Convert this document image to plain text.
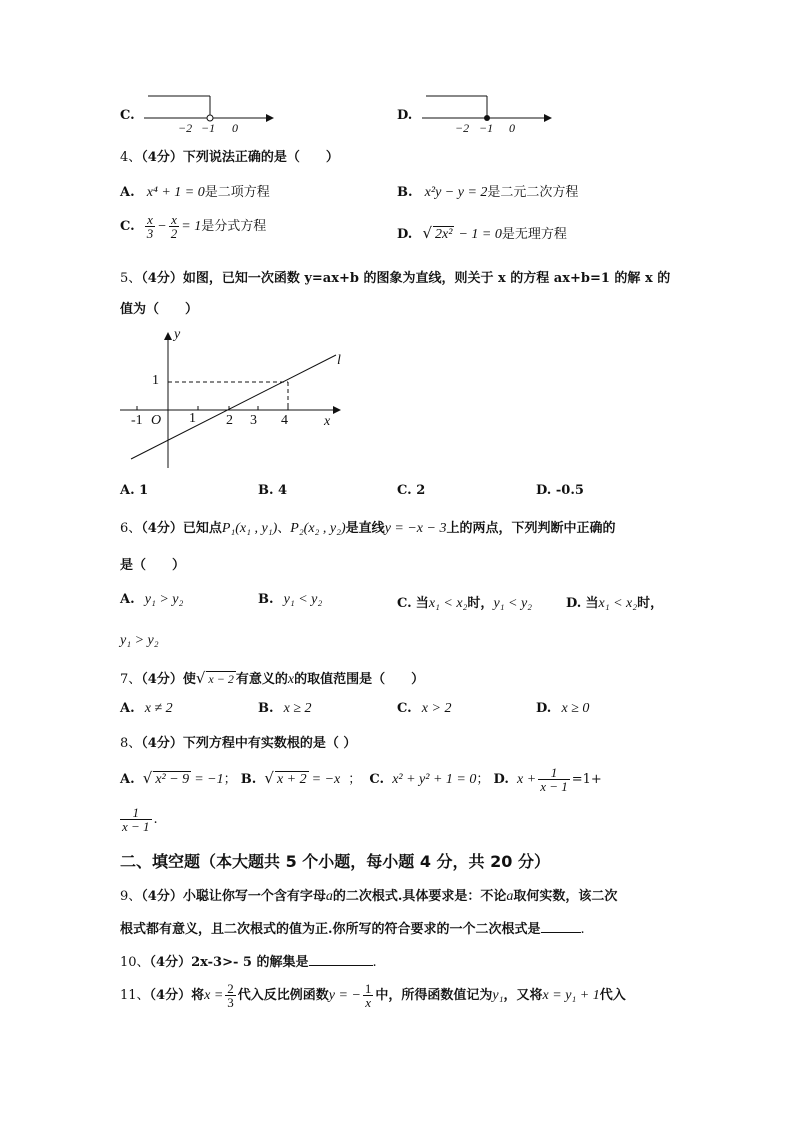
C.
−2 −1 0
D.
−2 −1 0
4、（4分）下列说法正确的是（　　）
A. x⁴ + 1 = 0是二项方程	B. x²y − y = 2是二元二次方程
C. $\frac{x}{3} - \frac{x}{2} = 1$是分式方程
D. √ 2x² − 1 = 0是无理方程
5、（4分）如图，已知一次函数 y=ax+b 的图象为直线，则关于 x 的方程 ax+b=1 的解 x 的
值为（　　）
y
l
x
1
-1 O 1 2 3 4
A. 1	B. 4	C. 2	D. -0.5
6、（4分）已知点P₁(x₁ , y₁)、P₂(x₂ , y₂)是直线y = −x − 3上的两点，下列判断中正确的
是（　　）
A. y₁ > y₂	B. y₁ < y₂	C. 当x₁ < x₂时，y₁ < y₂	D. 当x₁ < x₂时，
y₁ > y₂
7、（4分）使√ x − 2 有意义的x的取值范围是（　　）
A. x ≠ 2	B. x ≥ 2	C. x > 2	D. x ≥ 0
8、（4分）下列方程中有实数根的是（ ）
A. √ x² − 9 = −1； B. √ x + 2 = −x ； C. x² + y² + 1 = 0； D. $x + \frac{1}{x - 1} =1+$
$\frac{1}{x - 1}$ .
二、填空题（本大题共 5 个小题，每小题 4 分，共 20 分）
9、（4分）小聪让你写一个含有字母a的二次根式.具体要求是：不论a取何实数，该二次
根式都有意义，且二次根式的值为正.你所写的符合要求的一个二次根式是	.
10、（4分）2x-3>- 5 的解集是	.
11、（4分）将$x = \frac{2}{3}$ 代入反比例函数y = − $\frac{1}{x}$ 中，所得函数值记为y₁，又将x = y₁ + 1代入
